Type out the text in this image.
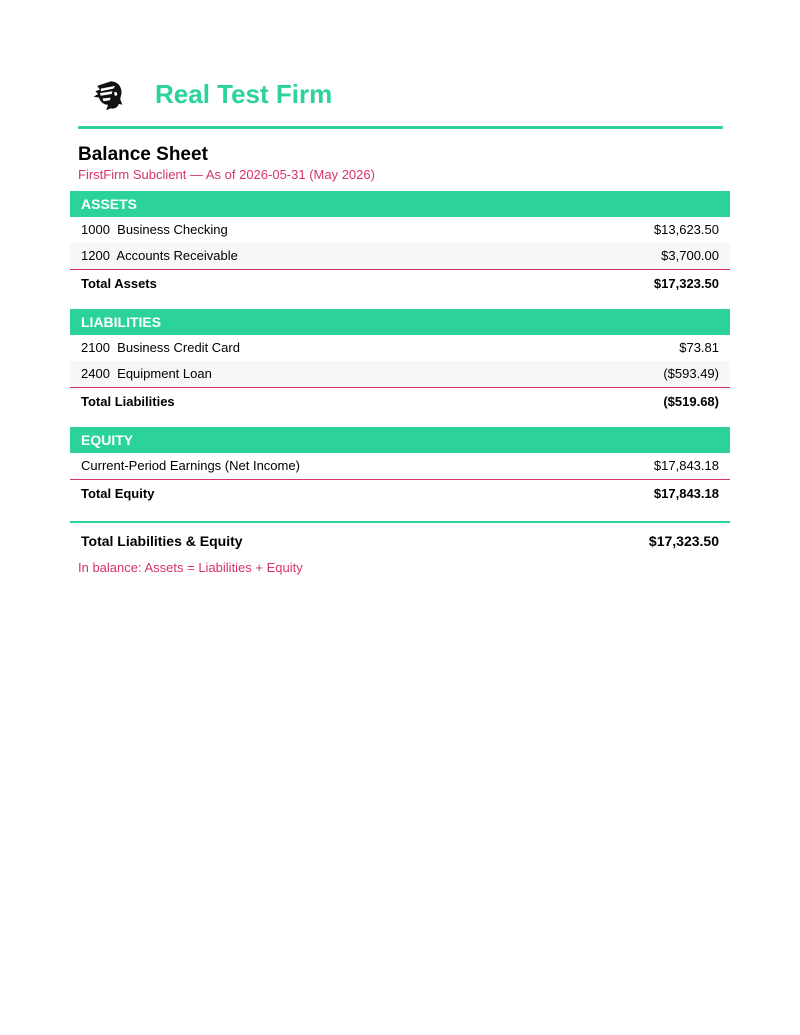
Real Test Firm
Balance Sheet
FirstFirm Subclient — As of 2026-05-31 (May 2026)
ASSETS
1000  Business Checking	$13,623.50
1200  Accounts Receivable	$3,700.00
Total Assets	$17,323.50
LIABILITIES
2100  Business Credit Card	$73.81
2400  Equipment Loan	($593.49)
Total Liabilities	($519.68)
EQUITY
Current-Period Earnings (Net Income)	$17,843.18
Total Equity	$17,843.18
Total Liabilities & Equity	$17,323.50
In balance: Assets = Liabilities + Equity
